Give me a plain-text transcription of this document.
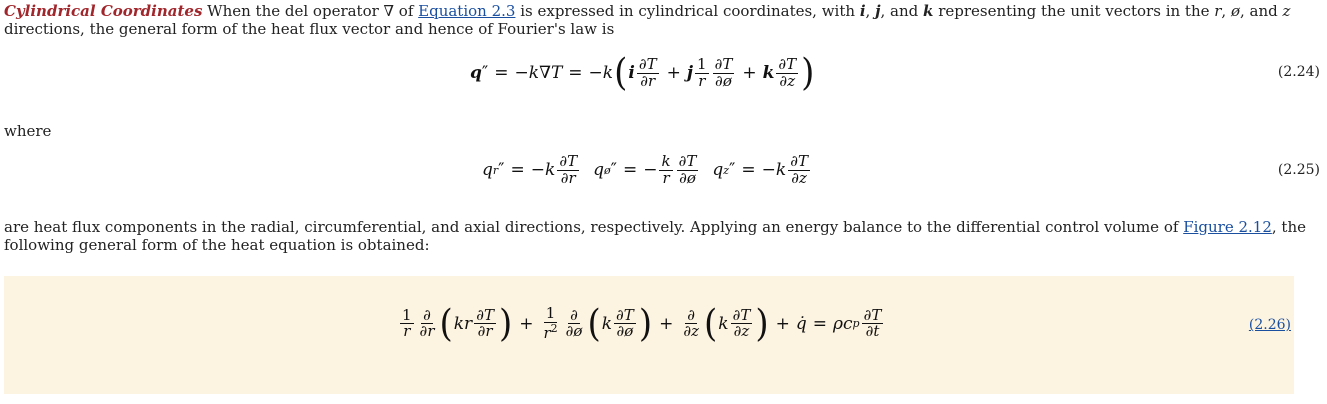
Cylindrical Coordinates When the del operator ∇ of Equation 2.3 is expressed in cylindrical coordinates, with i, j, and k representing the unit vectors in the r, ø, and z directions, the general form of the heat flux vector and hence of Fourier's law is
q ″ = − k ∇ T = − k ( i $\frac{\partial T}{\partial r} + j \frac{1}{r} \frac{\partial T}{\partial ø} + k \frac{\partial T}{\partial z}$ )	(2.24)
where
q r ″ = − k $\frac{\partial T}{\partial r}$ q ø ″ = − $\frac{k}{r} \frac{\partial T}{\partial ø}$ q z ″ = − k $\frac{\partial T}{\partial z}$	(2.25)
are heat flux components in the radial, circumferential, and axial directions, respectively. Applying an energy balance to the differential control volume of Figure 2.12, the following general form of the heat equation is obtained:
$\frac{1}{r} \frac{\partial}{\partial r}$ ( kr $\frac{\partial T}{\partial r}$ ) + $\frac{1}{r^2} \frac{\partial}{\partial ø}$ ( k $\frac{\partial T}{\partial ø}$ ) + $\frac{\partial}{\partial z}$ ( k $\frac{\partial T}{\partial z}$ ) + q̇ = ρc p $\frac{\partial T}{\partial t}$	(2.26)
